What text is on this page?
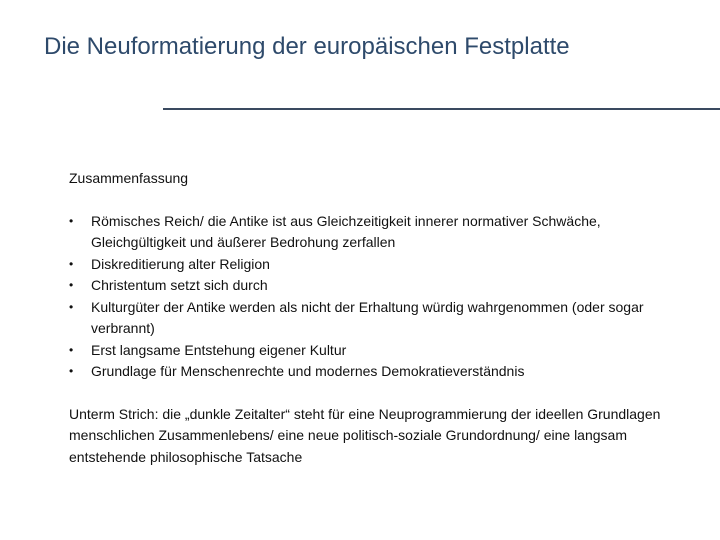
Die Neuformatierung der europäischen Festplatte
Zusammenfassung
• Römisches Reich/ die Antike ist aus Gleichzeitigkeit innerer normativer Schwäche, Gleichgültigkeit und äußerer Bedrohung zerfallen
• Diskreditierung alter Religion
• Christentum setzt sich durch
• Kulturgüter der Antike werden als nicht der Erhaltung würdig wahrgenommen (oder sogar verbrannt)
• Erst langsame Entstehung eigener Kultur
• Grundlage für Menschenrechte und modernes Demokratieverständnis

Unterm Strich: die „dunkle Zeitalter“ steht für eine Neuprogrammierung der ideellen Grundlagen menschlichen Zusammenlebens/ eine neue politisch-soziale Grundordnung/ eine langsam entstehende philosophische Tatsache
